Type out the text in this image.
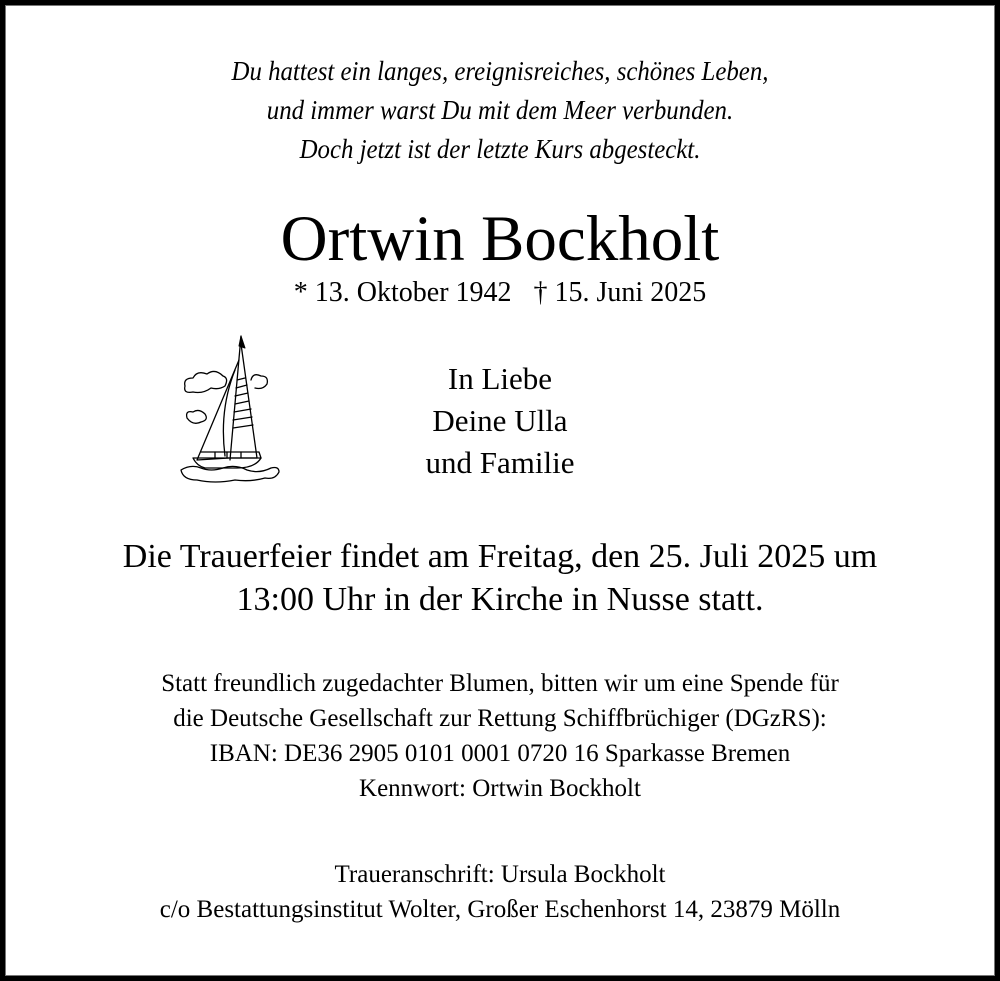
Du hattest ein langes, ereignisreiches, schönes Leben,
und immer warst Du mit dem Meer verbunden.
Doch jetzt ist der letzte Kurs abgesteckt.
Ortwin Bockholt
* 13. Oktober 1942 † 15. Juni 2025
In Liebe
Deine Ulla
und Familie
Die Trauerfeier findet am Freitag, den 25. Juli 2025 um
13:00 Uhr in der Kirche in Nusse statt.
Statt freundlich zugedachter Blumen, bitten wir um eine Spende für
die Deutsche Gesellschaft zur Rettung Schiffbrüchiger (DGzRS):
IBAN: DE36 2905 0101 0001 0720 16 Sparkasse Bremen
Kennwort: Ortwin Bockholt
Traueranschrift: Ursula Bockholt
c/o Bestattungsinstitut Wolter, Großer Eschenhorst 14, 23879 Mölln
